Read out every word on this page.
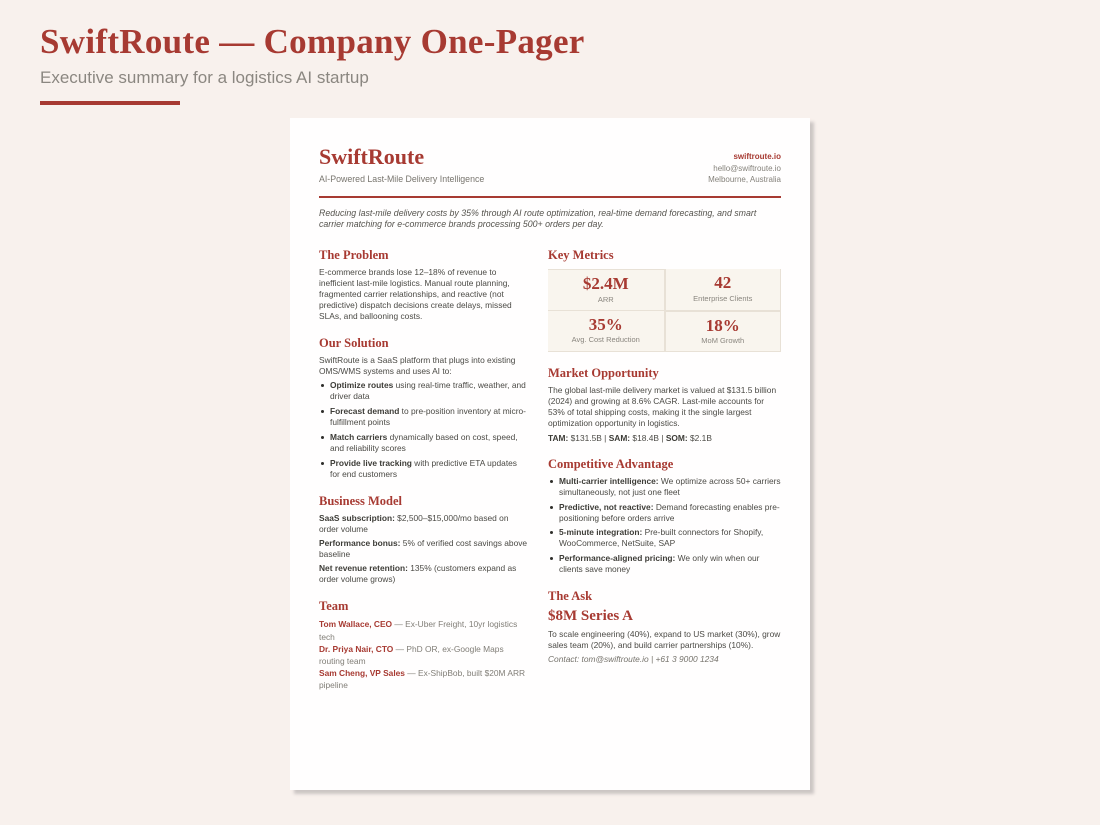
SwiftRoute — Company One-Pager
Executive summary for a logistics AI startup
SwiftRoute
AI-Powered Last-Mile Delivery Intelligence
swiftroute.io
hello@swiftroute.io
Melbourne, Australia
Reducing last-mile delivery costs by 35% through AI route optimization, real-time demand forecasting, and smart carrier matching for e-commerce brands processing 500+ orders per day.
The Problem
E-commerce brands lose 12–18% of revenue to inefficient last-mile logistics. Manual route planning, fragmented carrier relationships, and reactive (not predictive) dispatch decisions create delays, missed SLAs, and ballooning costs.
Our Solution
SwiftRoute is a SaaS platform that plugs into existing OMS/WMS systems and uses AI to:
Optimize routes using real-time traffic, weather, and driver data
Forecast demand to pre-position inventory at micro-fulfillment points
Match carriers dynamically based on cost, speed, and reliability scores
Provide live tracking with predictive ETA updates for end customers
Business Model
SaaS subscription: $2,500–$15,000/mo based on order volume
Performance bonus: 5% of verified cost savings above baseline
Net revenue retention: 135% (customers expand as order volume grows)
Team
Tom Wallace, CEO — Ex-Uber Freight, 10yr logistics tech
Dr. Priya Nair, CTO — PhD OR, ex-Google Maps routing team
Sam Cheng, VP Sales — Ex-ShipBob, built $20M ARR pipeline
Key Metrics
$2.4M
ARR
42
Enterprise Clients
35%
Avg. Cost Reduction
18%
MoM Growth
Market Opportunity
The global last-mile delivery market is valued at $131.5 billion (2024) and growing at 8.6% CAGR. Last-mile accounts for 53% of total shipping costs, making it the single largest optimization opportunity in logistics.
TAM: $131.5B | SAM: $18.4B | SOM: $2.1B
Competitive Advantage
Multi-carrier intelligence: We optimize across 50+ carriers simultaneously, not just one fleet
Predictive, not reactive: Demand forecasting enables pre-positioning before orders arrive
5-minute integration: Pre-built connectors for Shopify, WooCommerce, NetSuite, SAP
Performance-aligned pricing: We only win when our clients save money
The Ask
$8M Series A
To scale engineering (40%), expand to US market (30%), grow sales team (20%), and build carrier partnerships (10%).
Contact: tom@swiftroute.io | +61 3 9000 1234
